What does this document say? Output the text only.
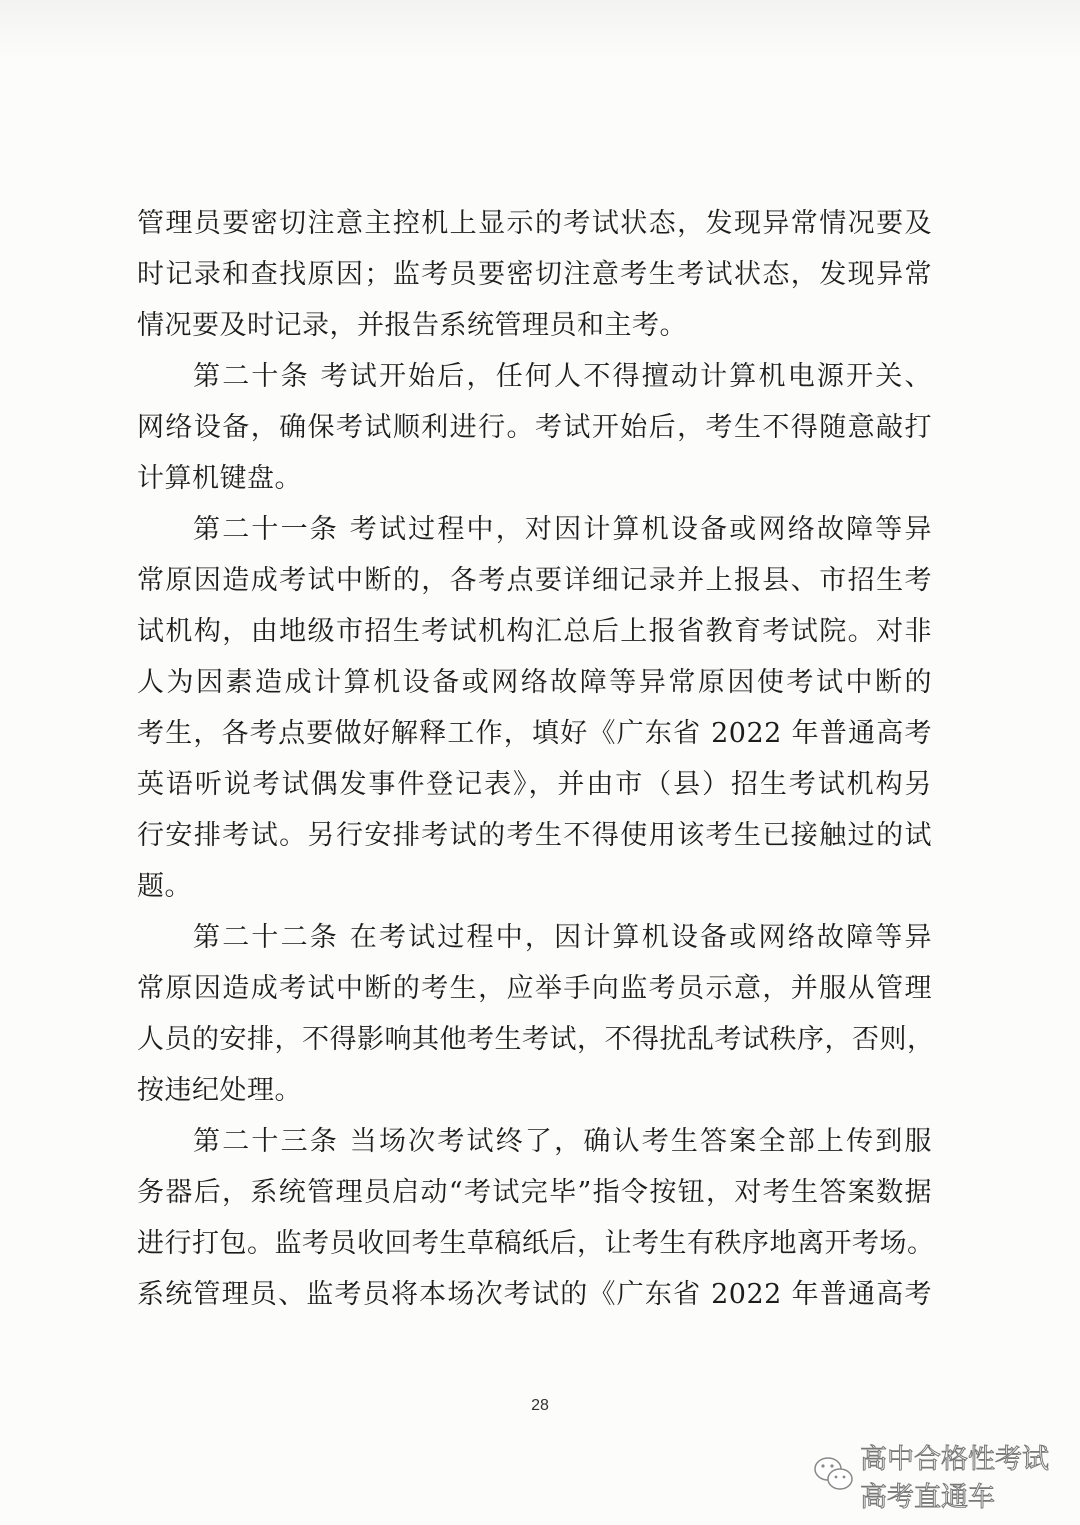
管理员要密切注意主控机上显示的考试状态，发现异常情况要及
时记录和查找原因；监考员要密切注意考生考试状态，发现异常
情况要及时记录，并报告系统管理员和主考。
第二十条 考试开始后，任何人不得擅动计算机电源开关、
网络设备，确保考试顺利进行。考试开始后，考生不得随意敲打
计算机键盘。
第二十一条 考试过程中，对因计算机设备或网络故障等异
常原因造成考试中断的，各考点要详细记录并上报县、市招生考
试机构，由地级市招生考试机构汇总后上报省教育考试院。对非
人为因素造成计算机设备或网络故障等异常原因使考试中断的
考生，各考点要做好解释工作，填好《广东省 2022 年普通高考
英语听说考试偶发事件登记表》，并由市（县）招生考试机构另
行安排考试。另行安排考试的考生不得使用该考生已接触过的试
题。
第二十二条 在考试过程中，因计算机设备或网络故障等异
常原因造成考试中断的考生，应举手向监考员示意，并服从管理
人员的安排，不得影响其他考生考试，不得扰乱考试秩序，否则，
按违纪处理。
第二十三条 当场次考试终了，确认考生答案全部上传到服
务器后，系统管理员启动“考试完毕”指令按钮，对考生答案数据
进行打包。监考员收回考生草稿纸后，让考生有秩序地离开考场。
系统管理员、监考员将本场次考试的《广东省 2022 年普通高考
28
高中合格性考试
高考直通车
